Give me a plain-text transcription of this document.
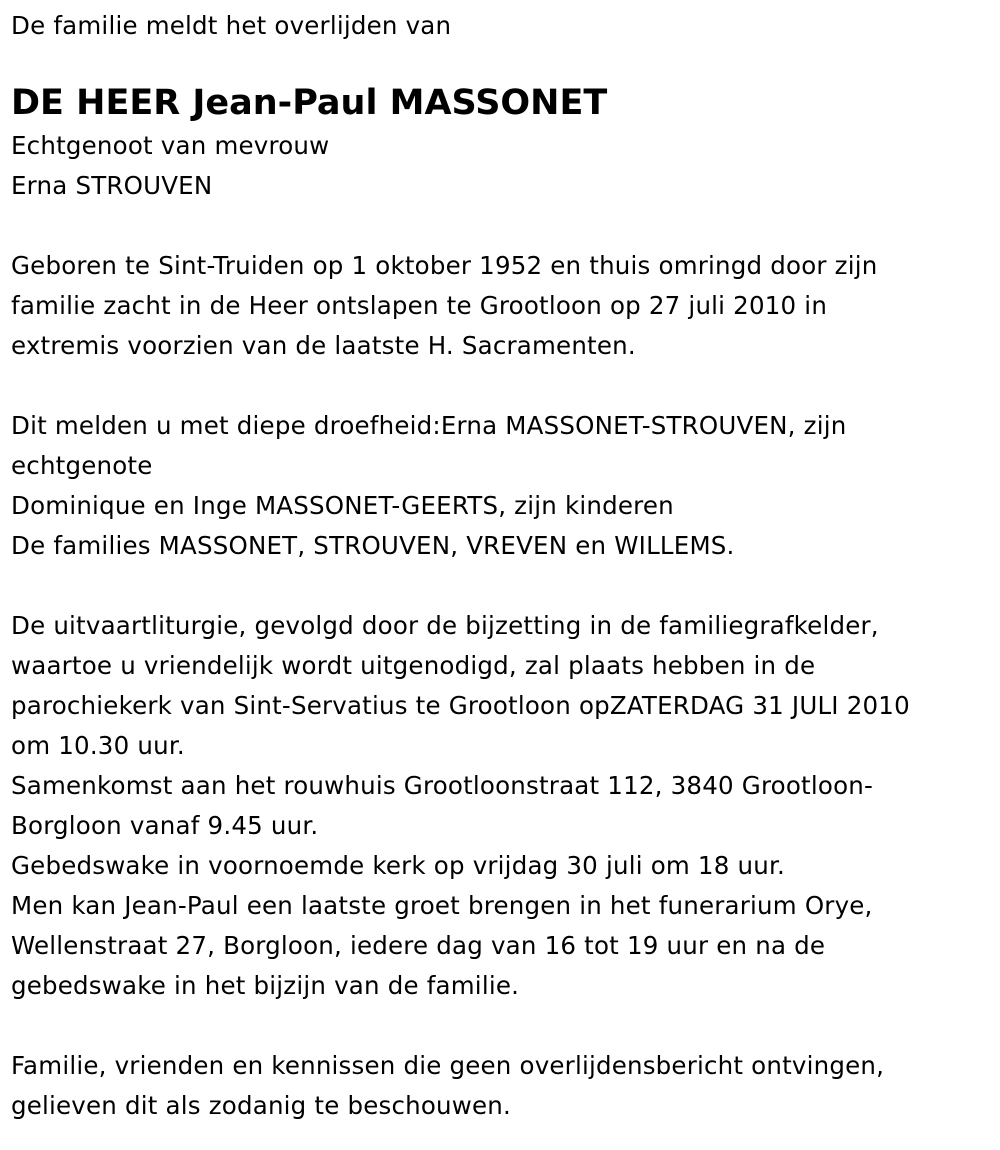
De familie meldt het overlijden van
DE HEER Jean-Paul MASSONET
Echtgenoot van mevrouw
Erna STROUVEN
Geboren te Sint-Truiden op 1 oktober 1952 en thuis omringd door zijn
familie zacht in de Heer ontslapen te Grootloon op 27 juli 2010 in
extremis voorzien van de laatste H. Sacramenten.
Dit melden u met diepe droefheid:Erna MASSONET-STROUVEN, zijn
echtgenote
Dominique en Inge MASSONET-GEERTS, zijn kinderen
De families MASSONET, STROUVEN, VREVEN en WILLEMS.
De uitvaartliturgie, gevolgd door de bijzetting in de familiegrafkelder,
waartoe u vriendelijk wordt uitgenodigd, zal plaats hebben in de
parochiekerk van Sint-Servatius te Grootloon opZATERDAG 31 JULI 2010
om 10.30 uur.
Samenkomst aan het rouwhuis Grootloonstraat 112, 3840 Grootloon-
Borgloon vanaf 9.45 uur.
Gebedswake in voornoemde kerk op vrijdag 30 juli om 18 uur.
Men kan Jean-Paul een laatste groet brengen in het funerarium Orye,
Wellenstraat 27, Borgloon, iedere dag van 16 tot 19 uur en na de
gebedswake in het bijzijn van de familie.
Familie, vrienden en kennissen die geen overlijdensbericht ontvingen,
gelieven dit als zodanig te beschouwen.
